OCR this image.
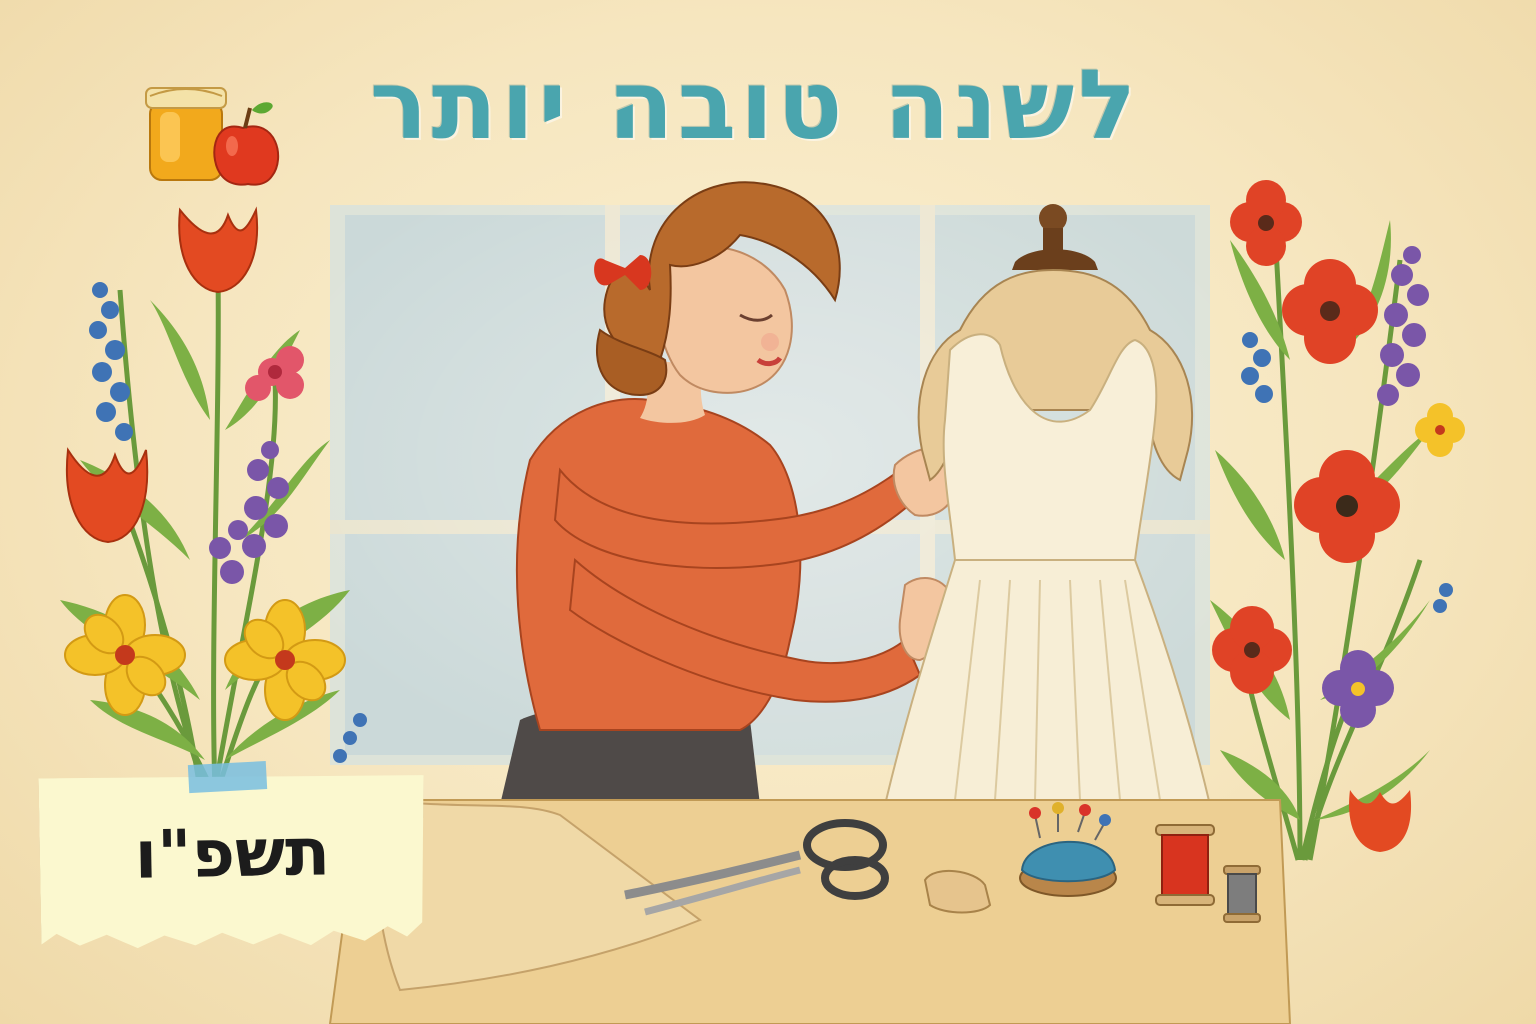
לשנה טובה יותר
תשפ"ו
